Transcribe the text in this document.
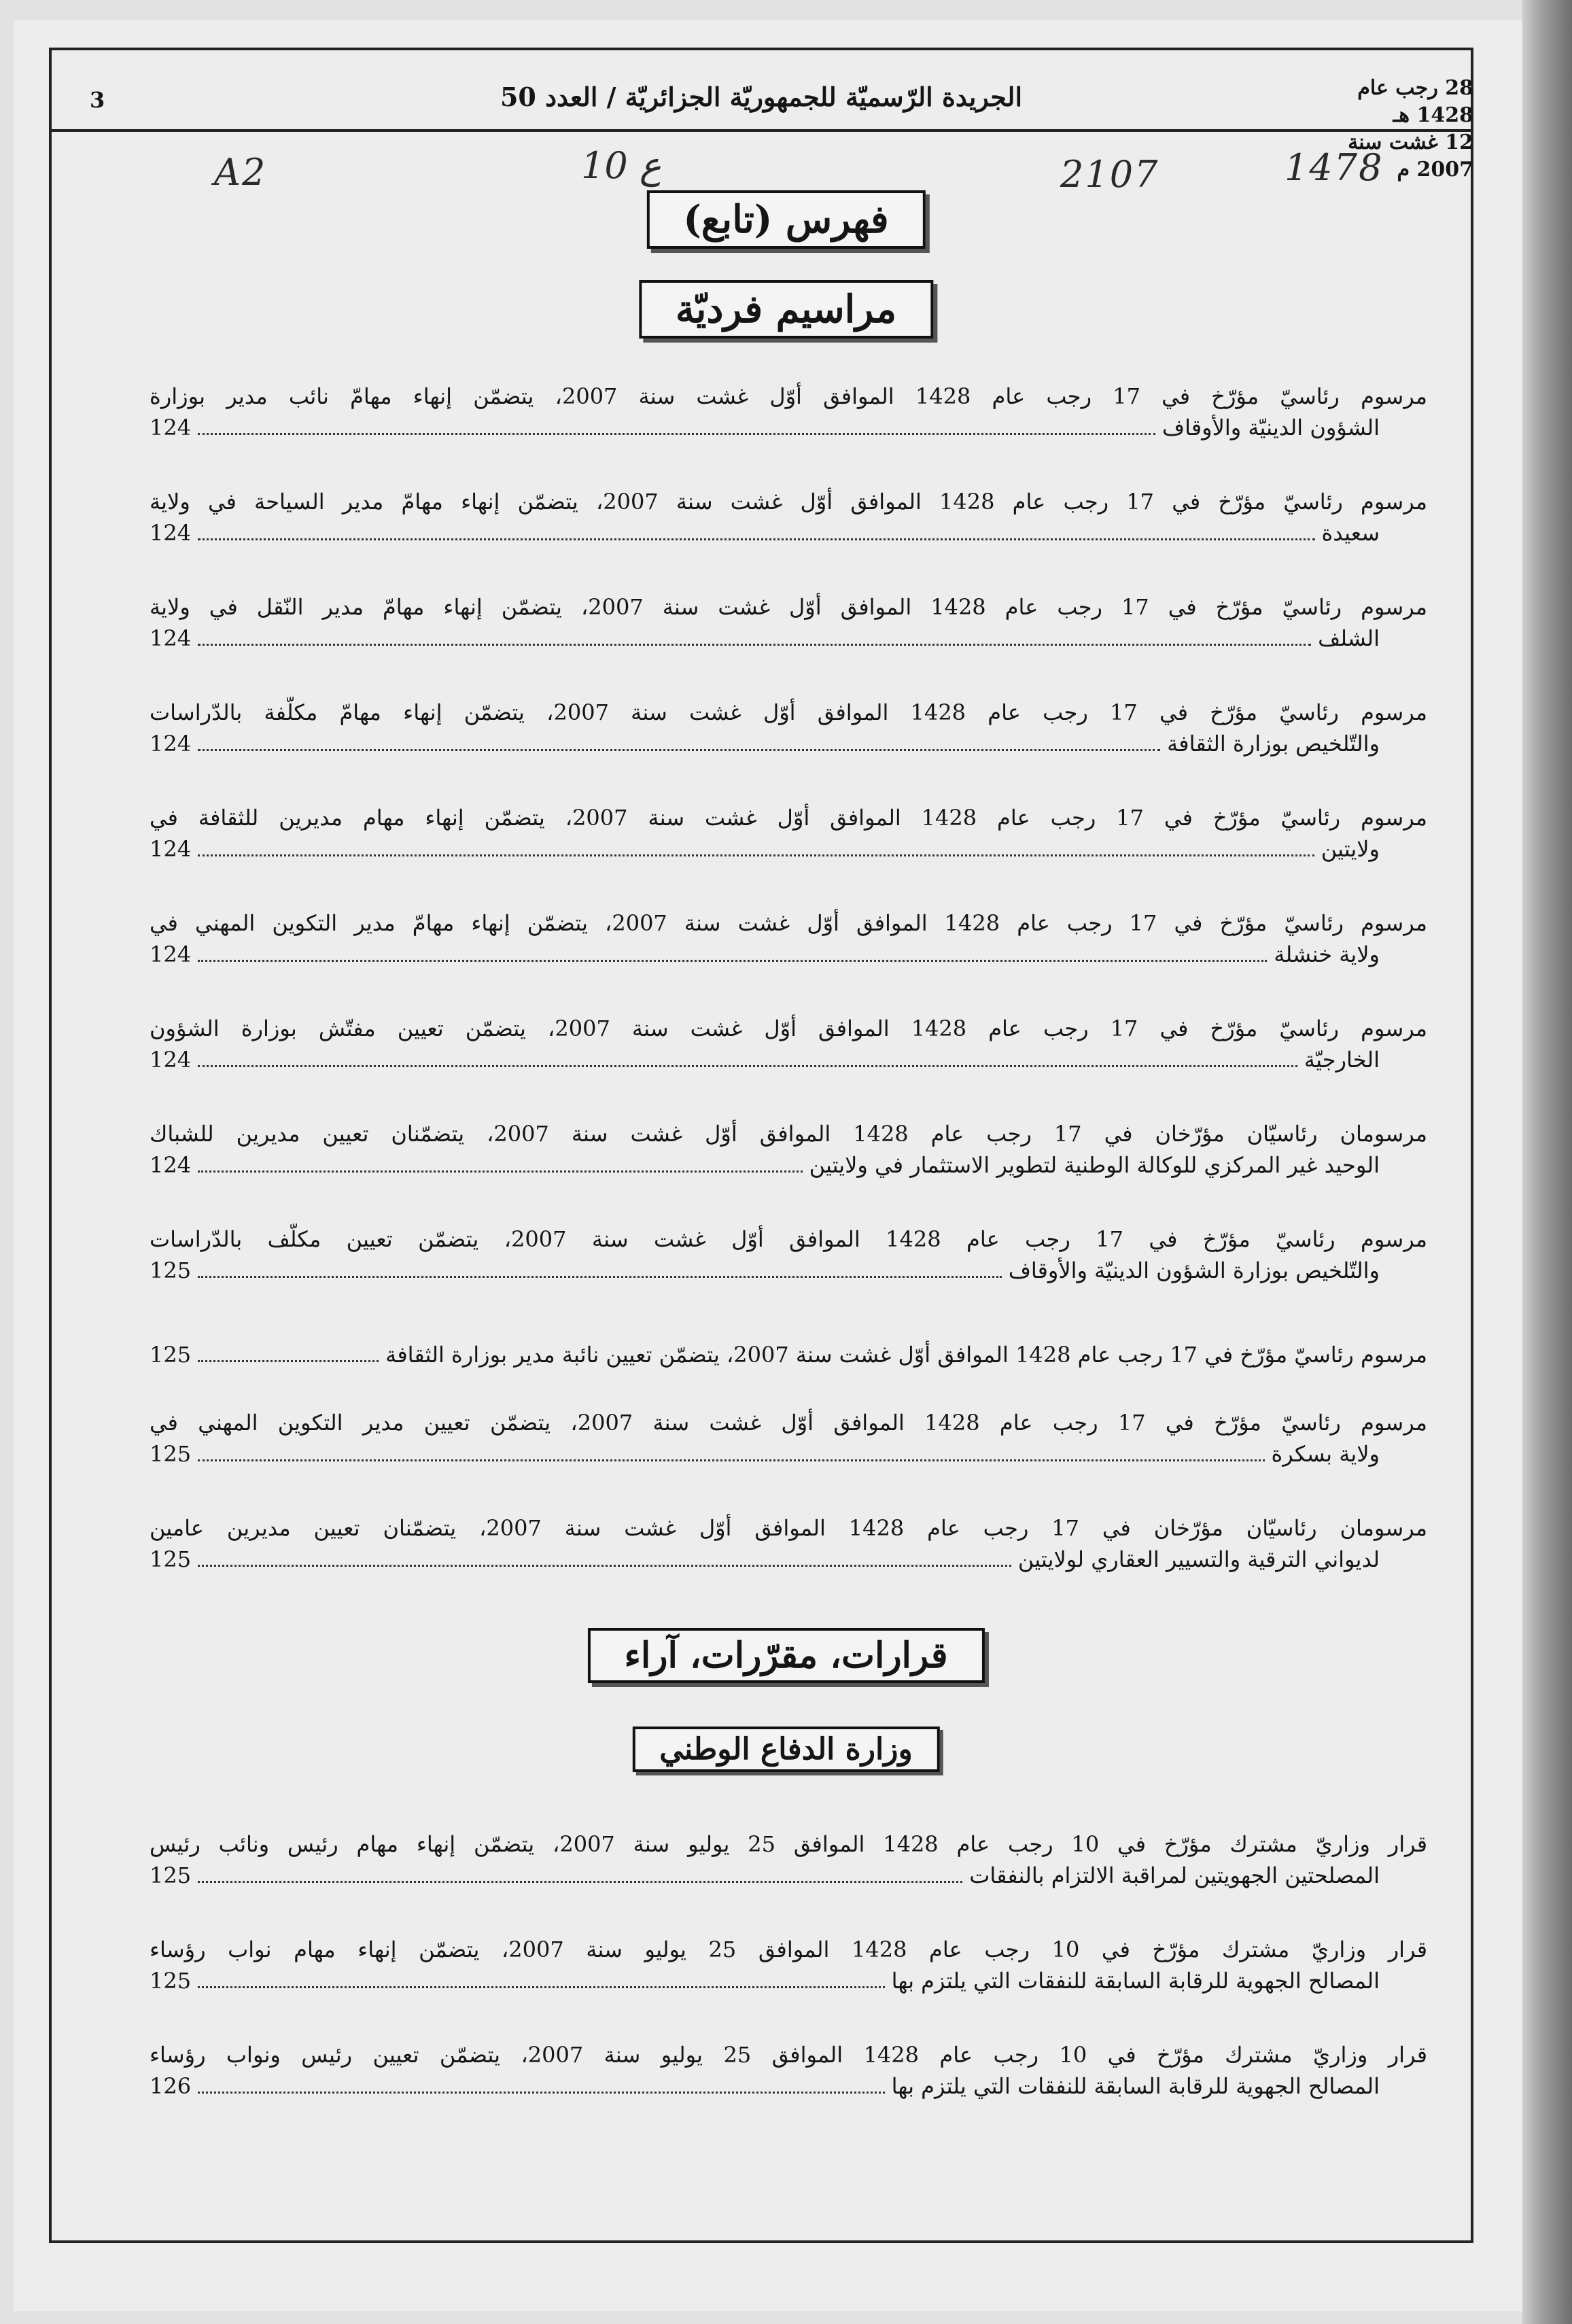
28 رجب عام 1428 هـ
12 غشت سنة 2007 م
الجريدة الرّسميّة للجمهوريّة الجزائريّة / العدد 50
3
1478
2107
ع 10
A2
فهرس (تابع)
مراسيم فرديّة
مرسوم رئاسيّ مؤرّخ في 17 رجب عام 1428 الموافق أوّل غشت سنة 2007، يتضمّن إنهاء مهامّ نائب مدير بوزارة
الشؤون الدينيّة والأوقاف
124
مرسوم رئاسيّ مؤرّخ في 17 رجب عام 1428 الموافق أوّل غشت سنة 2007، يتضمّن إنهاء مهامّ مدير السياحة في ولاية
سعيدة
124
مرسوم رئاسيّ مؤرّخ في 17 رجب عام 1428 الموافق أوّل غشت سنة 2007، يتضمّن إنهاء مهامّ مدير النّقل في ولاية
الشلف
124
مرسوم رئاسيّ مؤرّخ في 17 رجب عام 1428 الموافق أوّل غشت سنة 2007، يتضمّن إنهاء مهامّ مكلّفة بالدّراسات
والتّلخيص بوزارة الثقافة
124
مرسوم رئاسيّ مؤرّخ في 17 رجب عام 1428 الموافق أوّل غشت سنة 2007، يتضمّن إنهاء مهام مديرين للثقافة في
ولايتين
124
مرسوم رئاسيّ مؤرّخ في 17 رجب عام 1428 الموافق أوّل غشت سنة 2007، يتضمّن إنهاء مهامّ مدير التكوين المهني في
ولاية خنشلة
124
مرسوم رئاسيّ مؤرّخ في 17 رجب عام 1428 الموافق أوّل غشت سنة 2007، يتضمّن تعيين مفتّش بوزارة الشؤون
الخارجيّة
124
مرسومان رئاسيّان مؤرّخان في 17 رجب عام 1428 الموافق أوّل غشت سنة 2007، يتضمّنان تعيين مديرين للشباك
الوحيد غير المركزي للوكالة الوطنية لتطوير الاستثمار في ولايتين
124
مرسوم رئاسيّ مؤرّخ في 17 رجب عام 1428 الموافق أوّل غشت سنة 2007، يتضمّن تعيين مكلّف بالدّراسات
والتّلخيص بوزارة الشؤون الدينيّة والأوقاف
125
مرسوم رئاسيّ مؤرّخ في 17 رجب عام 1428 الموافق أوّل غشت سنة 2007، يتضمّن تعيين نائبة مدير بوزارة الثقافة
125
مرسوم رئاسيّ مؤرّخ في 17 رجب عام 1428 الموافق أوّل غشت سنة 2007، يتضمّن تعيين مدير التكوين المهني في
ولاية بسكرة
125
مرسومان رئاسيّان مؤرّخان في 17 رجب عام 1428 الموافق أوّل غشت سنة 2007، يتضمّنان تعيين مديرين عامين
لديواني الترقية والتسيير العقاري لولايتين
125
قرارات، مقرّرات، آراء
وزارة الدفاع الوطني
قرار وزاريّ مشترك مؤرّخ في 10 رجب عام 1428 الموافق 25 يوليو سنة 2007، يتضمّن إنهاء مهام رئيس ونائب رئيس
المصلحتين الجهويتين لمراقبة الالتزام بالنفقات
125
قرار وزاريّ مشترك مؤرّخ في 10 رجب عام 1428 الموافق 25 يوليو سنة 2007، يتضمّن إنهاء مهام نواب رؤساء
المصالح الجهوية للرقابة السابقة للنفقات التي يلتزم بها
125
قرار وزاريّ مشترك مؤرّخ في 10 رجب عام 1428 الموافق 25 يوليو سنة 2007، يتضمّن تعيين رئيس ونواب رؤساء
المصالح الجهوية للرقابة السابقة للنفقات التي يلتزم بها
126
